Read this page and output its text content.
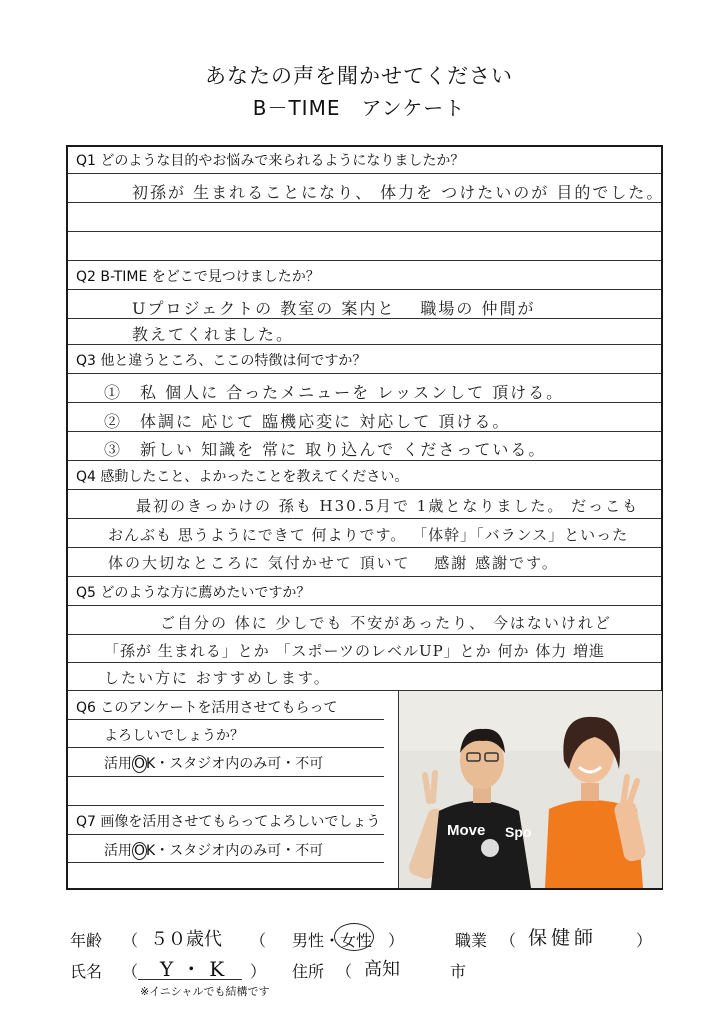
あなたの声を聞かせてください
B－TIME　アンケート
Q1 どのような目的やお悩みで来られるようになりましたか？
Q2 B-TIME をどこで見つけましたか？
Q3 他と違うところ、ここの特徴は何ですか？
Q4 感動したこと、よかったことを教えてください。
Q5 どのような方に薦めたいですか？
Q6 このアンケートを活用させてもらって
よろしいでしょうか？
Q7 画像を活用させてもらってよろしいでしょう
活用 OK・スタジオ内のみ可・不可
活用 OK・スタジオ内のみ可・不可
初孫が 生まれることになり、 体力を つけたいのが 目的でした。
Uプロジェクトの 教室の 案内と　 職場の 仲間が
教えてくれました。
①　私 個人に 合ったメニューを レッスンして 頂ける。
②　体調に 応じて 臨機応変に 対応して 頂ける。
③　新しい 知識を 常に 取り込んで くださっている。
最初のきっかけの 孫も H30.5月で 1歳となりました。 だっこも
おんぶも 思うようにできて 何よりです。 「体幹」「バランス」といった
体の大切なところに 気付かせて 頂いて　 感謝 感謝です。
ご自分の 体に 少しでも 不安があったり、 今はないけれど
「孫が 生まれる」とか 「スポーツのレベルUP」とか 何か 体力 増進
したい方に おすすめします。
Move Spo
年齢 （ ５０歳代 （ 男性・女性 ）	職業 （ 保健師 ）
氏名 （ Y・K ） 住所 （ 高知	市
※イニシャルでも結構です
